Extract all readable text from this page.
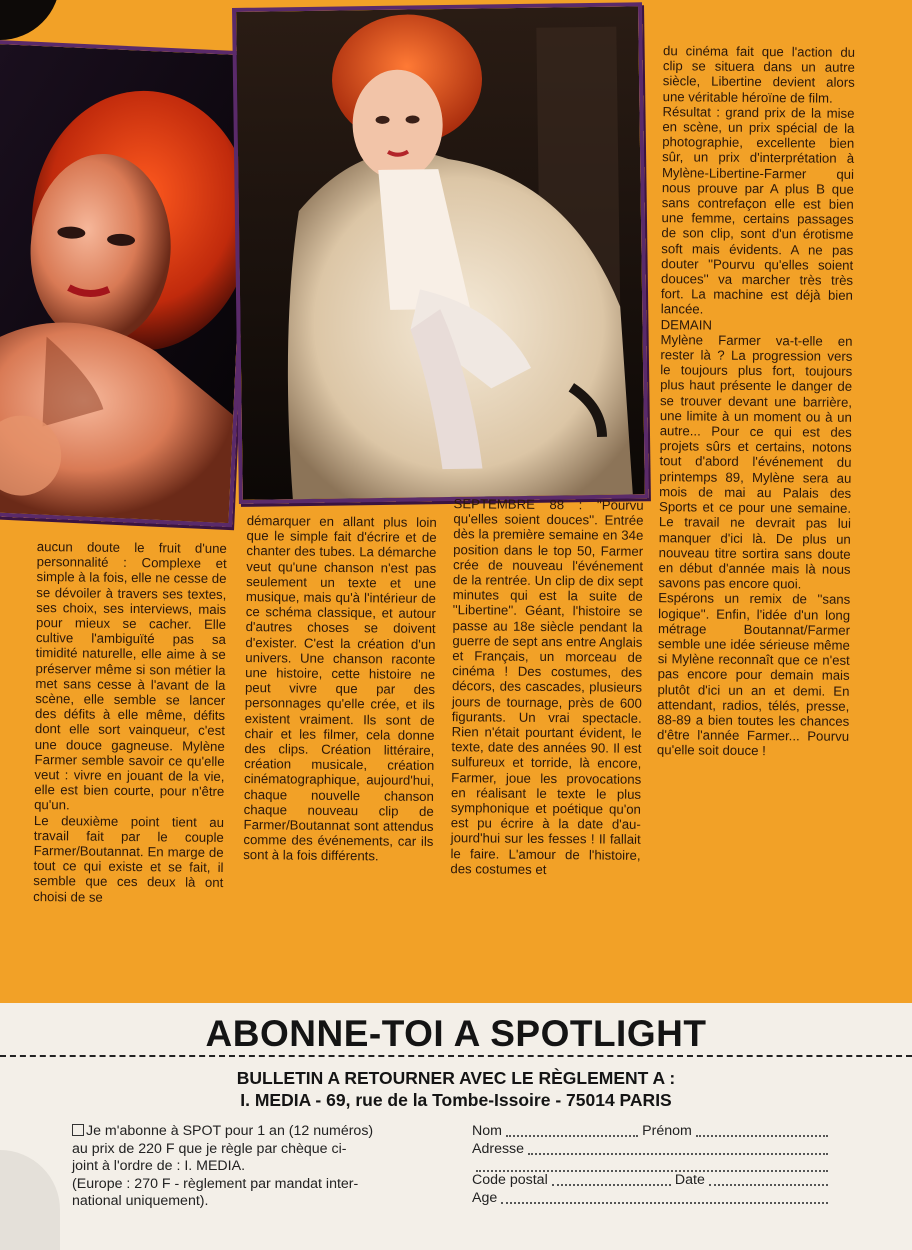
aucun doute le fruit d'une personnalité : Complexe et simple à la fois, elle ne cesse de se dévoiler à travers ses textes, ses choix, ses interviews, mais pour mieux se cacher. Elle cultive l'ambiguïté pas sa timidité naturelle, elle aime à se préserver même si son métier la met sans cesse à l'avant de la scène, elle semble se lancer des défits à elle même, défits dont elle sort vainqueur, c'est une douce gagneuse. Mylène Farmer semble savoir ce qu'elle veut : vivre en jouant de la vie, elle est bien courte, pour n'être qu'un.
Le deuxième point tient au travail fait par le couple Farmer/Boutannat. En marge de tout ce qui existe et se fait, il semble que ces deux là ont choisi de se

démarquer en allant plus loin que le simple fait d'écrire et de chanter des tubes. La démarche veut qu'une chanson n'est pas seulement un texte et une musique, mais qu'à l'intérieur de ce schéma classique, et autour d'autres choses se doivent d'exister. C'est la création d'un univers. Une chanson raconte une histoire, cette histoire ne peut vivre que par des personnages qu'elle crée, et ils existent vraiment. Ils sont de chair et les filmer, cela donne des clips. Création littéraire, création musicale, création cinématographique, aujourd'hui, chaque nouvelle chanson chaque nouveau clip de Farmer/Boutannat sont attendus comme des événements, car ils sont à la fois différents.

SEPTEMBRE 88 : ''Pourvu qu'elles soient douces''. Entrée dès la première semaine en 34e position dans le top 50, Farmer crée de nouveau l'événement de la rentrée. Un clip de dix sept minutes qui est la suite de ''Libertine''. Géant, l'histoire se passe au 18e siècle pendant la guerre de sept ans entre Anglais et Français, un morceau de cinéma ! Des costumes, des décors, des cascades, plusieurs jours de tournage, près de 600 figurants. Un vrai spectacle. Rien n'était pourtant évident, le texte, date des années 90. Il est sulfureux et torride, là encore, Farmer, joue les provocations en réalisant le texte le plus symphonique et poétique qu'on est pu écrire à la date d'au-jourd'hui sur les fesses ! Il fallait le faire. L'amour de l'histoire, des costumes et

du cinéma fait que l'action du clip se situera dans un autre siècle, Libertine devient alors une véritable héroïne de film.
Résultat : grand prix de la mise en scène, un prix spécial de la photographie, excellente bien sûr, un prix d'interprétation à Mylène-Libertine-Farmer qui nous prouve par A plus B que sans contrefaçon elle est bien une femme, certains passages de son clip, sont d'un érotisme soft mais évidents. A ne pas douter ''Pourvu qu'elles soient douces'' va marcher très très fort. La machine est déjà bien lancée.

DEMAIN

Mylène Farmer va-t-elle en rester là ? La progression vers le toujours plus fort, toujours plus haut présente le danger de se trouver devant une barrière, une limite à un moment ou à un autre... Pour ce qui est des projets sûrs et certains, notons tout d'abord l'événement du printemps 89, Mylène sera au mois de mai au Palais des Sports et ce pour une semaine. Le travail ne devrait pas lui manquer d'ici là. De plus un nouveau titre sortira sans doute en début d'année mais là nous savons pas encore quoi.
Espérons un remix de ''sans logique''. Enfin, l'idée d'un long métrage Boutannat/Farmer semble une idée sérieuse même si Mylène reconnaît que ce n'est pas encore pour demain mais plutôt d'ici un an et demi. En attendant, radios, télés, presse, 88-89 a bien toutes les chances d'être l'année Farmer... Pourvu qu'elle soit douce !

ABONNE-TOI A SPOTLIGHT
BULLETIN A RETOURNER AVEC LE RÈGLEMENT A :
I. MEDIA - 69, rue de la Tombe-Issoire - 75014 PARIS
Je m'abonne à SPOT pour 1 an (12 numéros)
au prix de 220 F que je règle par chèque ci-
joint à l'ordre de : I. MEDIA.
(Europe : 270 F - règlement par mandat inter-
national uniquement).
Nom	Prénom
Adresse
Code postal	Date
Age
